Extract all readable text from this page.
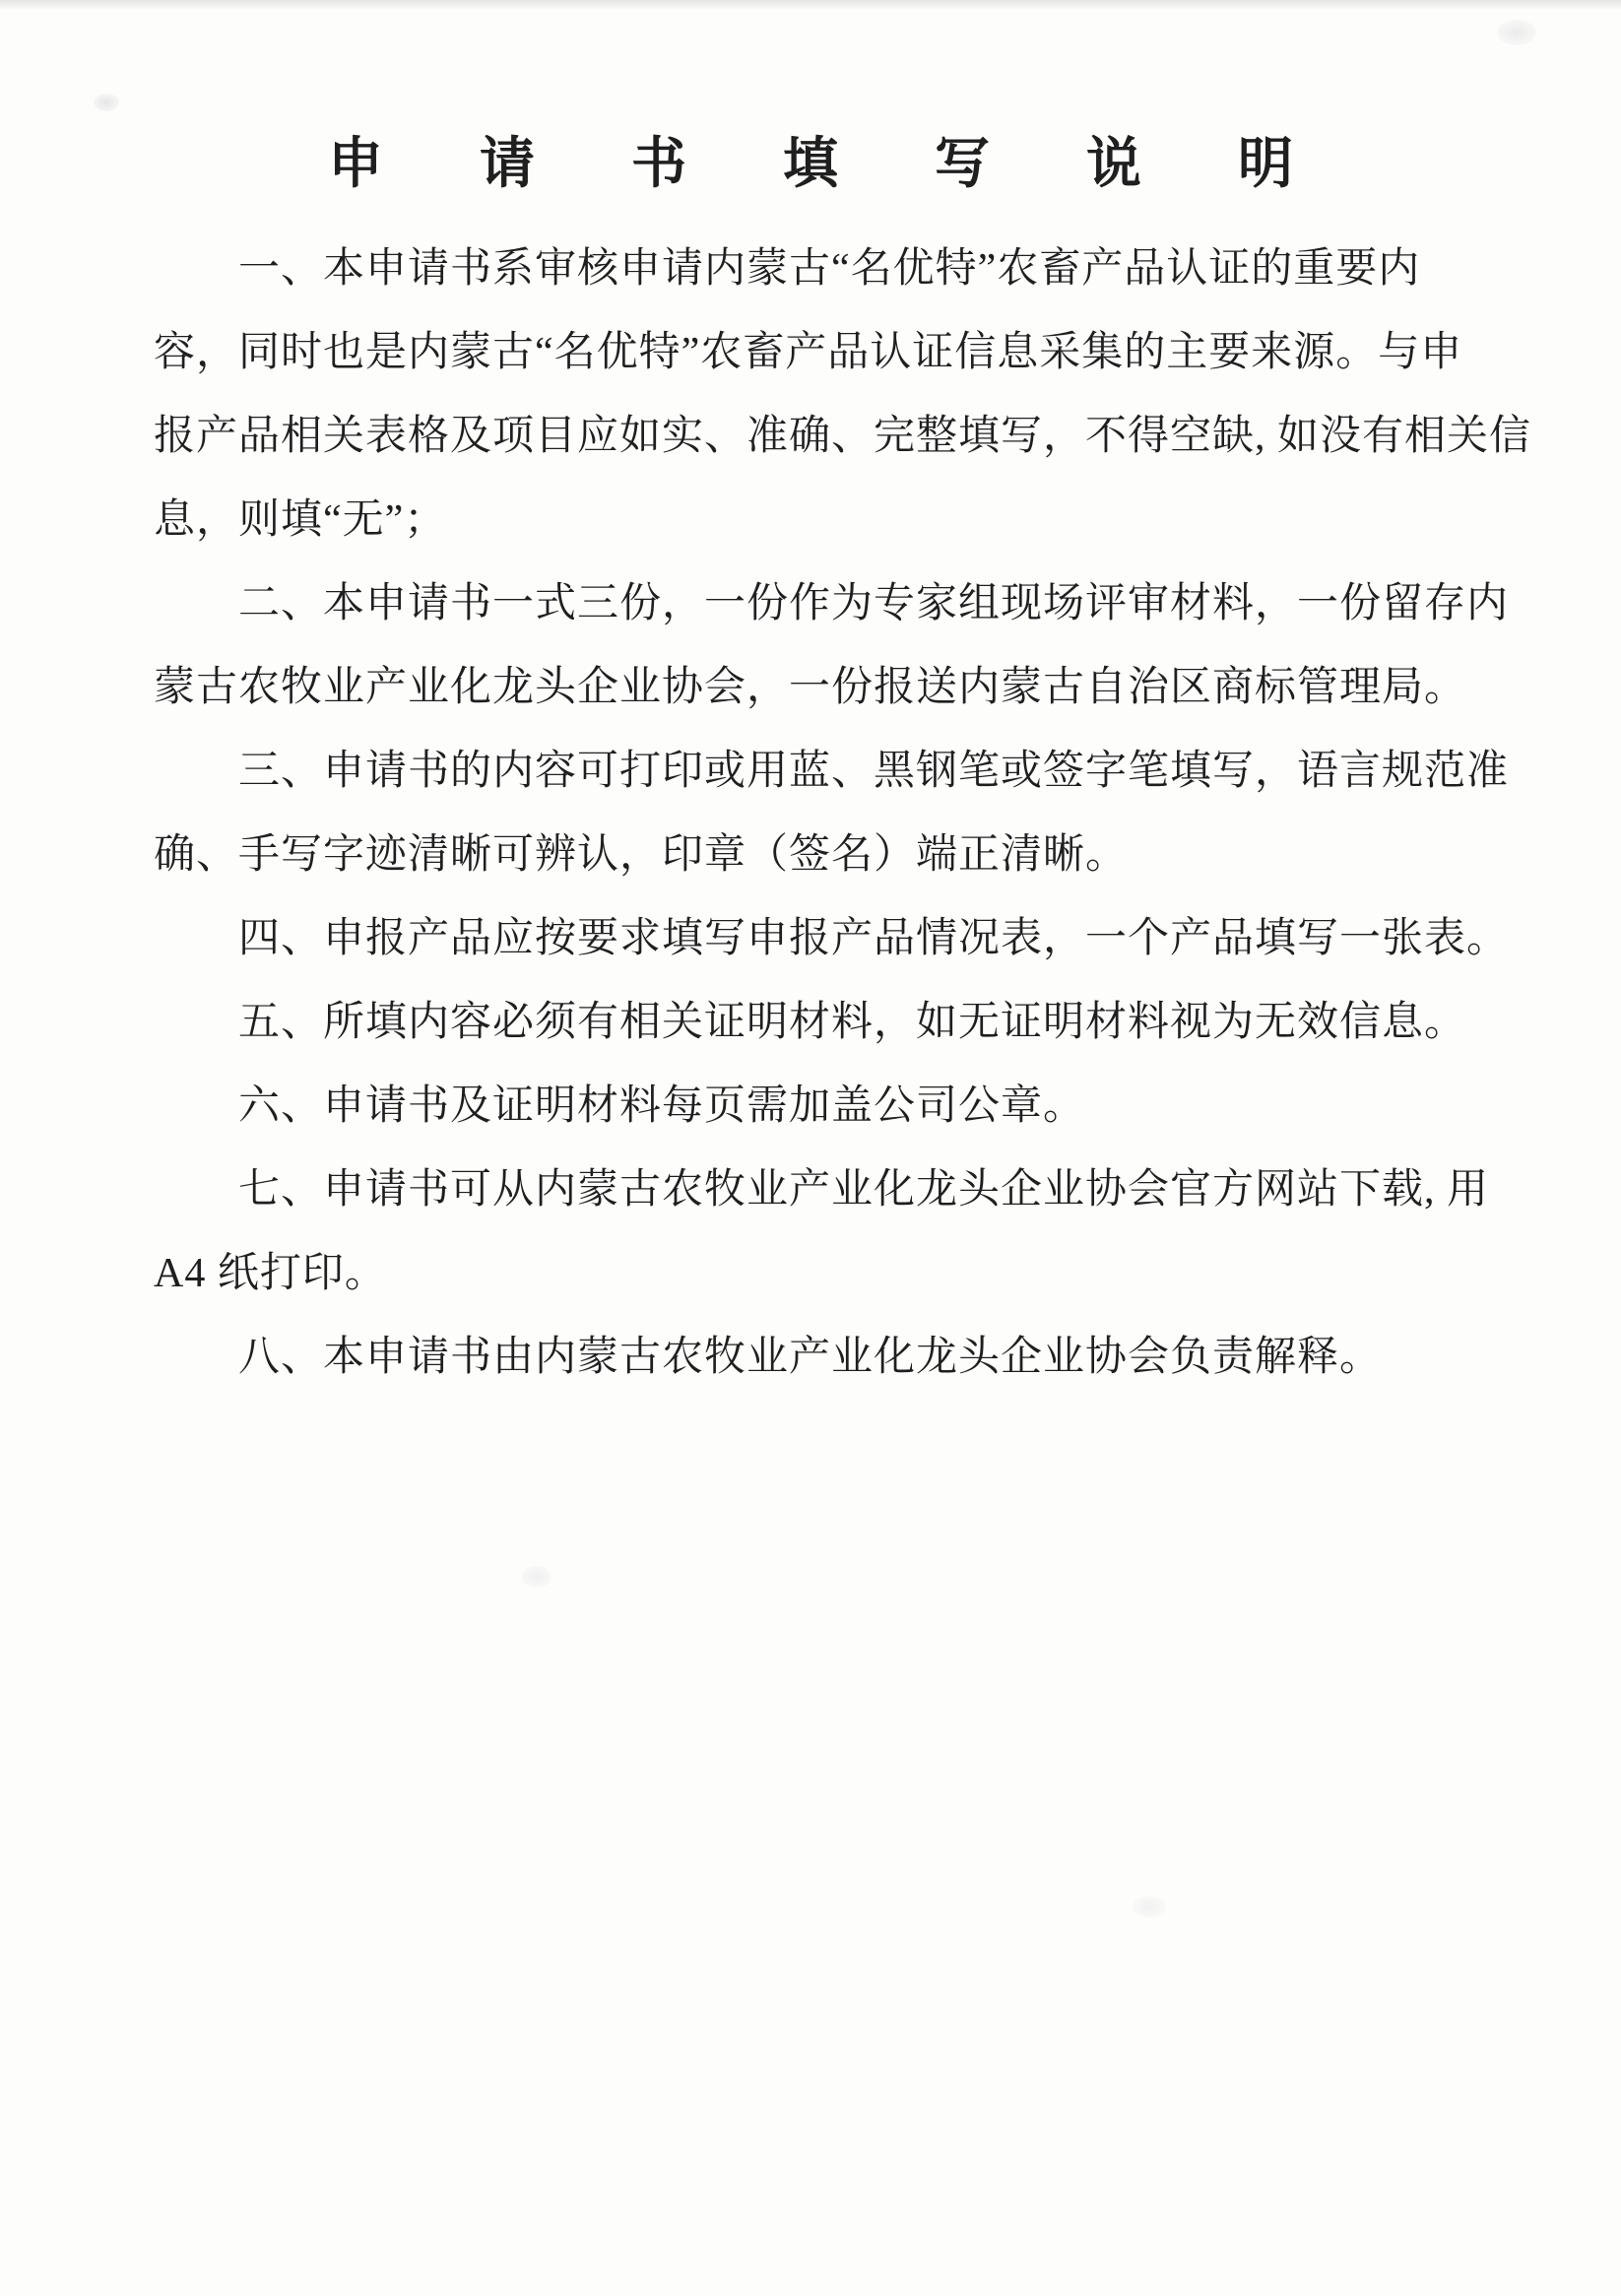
申 请 书 填 写 说 明
一、本申请书系审核申请内蒙古“名优特”农畜产品认证的重要内
容，同时也是内蒙古“名优特”农畜产品认证信息采集的主要来源。与申
报产品相关表格及项目应如实、准确、完整填写，不得空缺, 如没有相关信
息，则填“无”；
二、本申请书一式三份，一份作为专家组现场评审材料，一份留存内
蒙古农牧业产业化龙头企业协会，一份报送内蒙古自治区商标管理局。
三、申请书的内容可打印或用蓝、黑钢笔或签字笔填写，语言规范准
确、手写字迹清晰可辨认，印章（签名）端正清晰。
四、申报产品应按要求填写申报产品情况表，一个产品填写一张表。
五、所填内容必须有相关证明材料，如无证明材料视为无效信息。
六、申请书及证明材料每页需加盖公司公章。
七、申请书可从内蒙古农牧业产业化龙头企业协会官方网站下载, 用
A4 纸打印。
八、本申请书由内蒙古农牧业产业化龙头企业协会负责解释。
